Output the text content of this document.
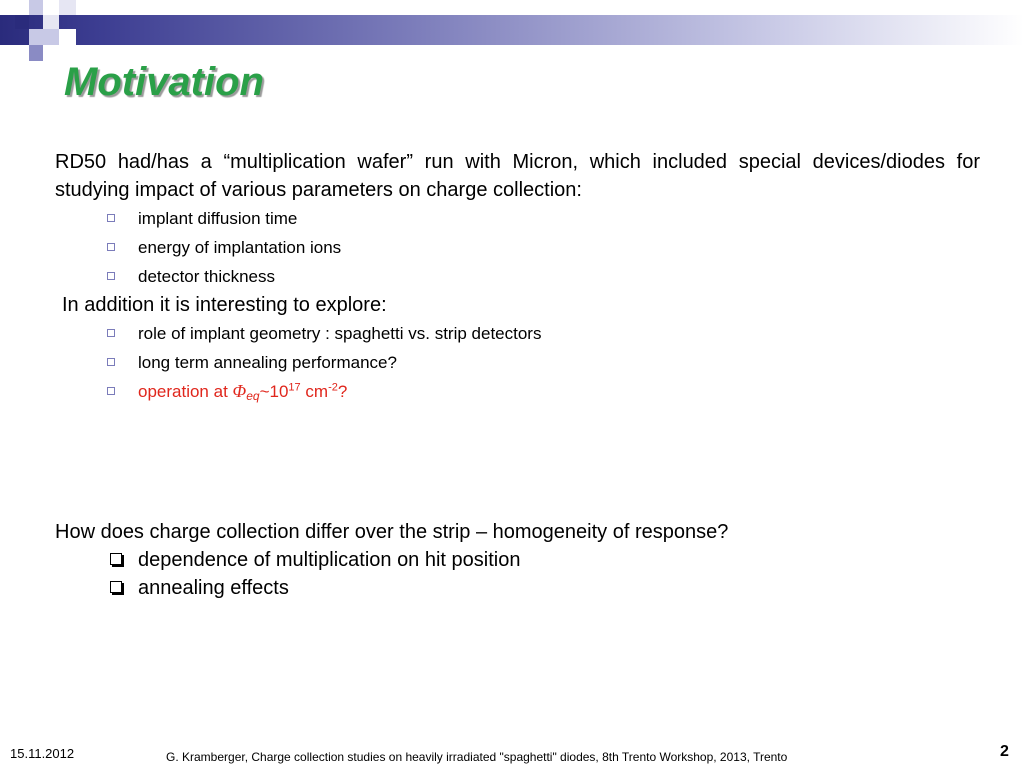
Motivation

RD50 had/has a “multiplication wafer” run with Micron, which included special devices/diodes for studying impact of various parameters on charge collection:

implant diffusion time
energy of implantation ions
detector thickness

In addition it is interesting to explore:

role of implant geometry : spaghetti vs. strip detectors
long term annealing performance?
operation at $\Phi eq\sim 10^{17}$ $cm^{-2}$?

How does charge collection differ over the strip – homogeneity of response?

dependence of multiplication on hit position
annealing effects
15.11.2012	G. Kramberger, Charge collection studies on heavily irradiated "spaghetti" diodes, 8th Trento Workshop, 2013, Trento	2
